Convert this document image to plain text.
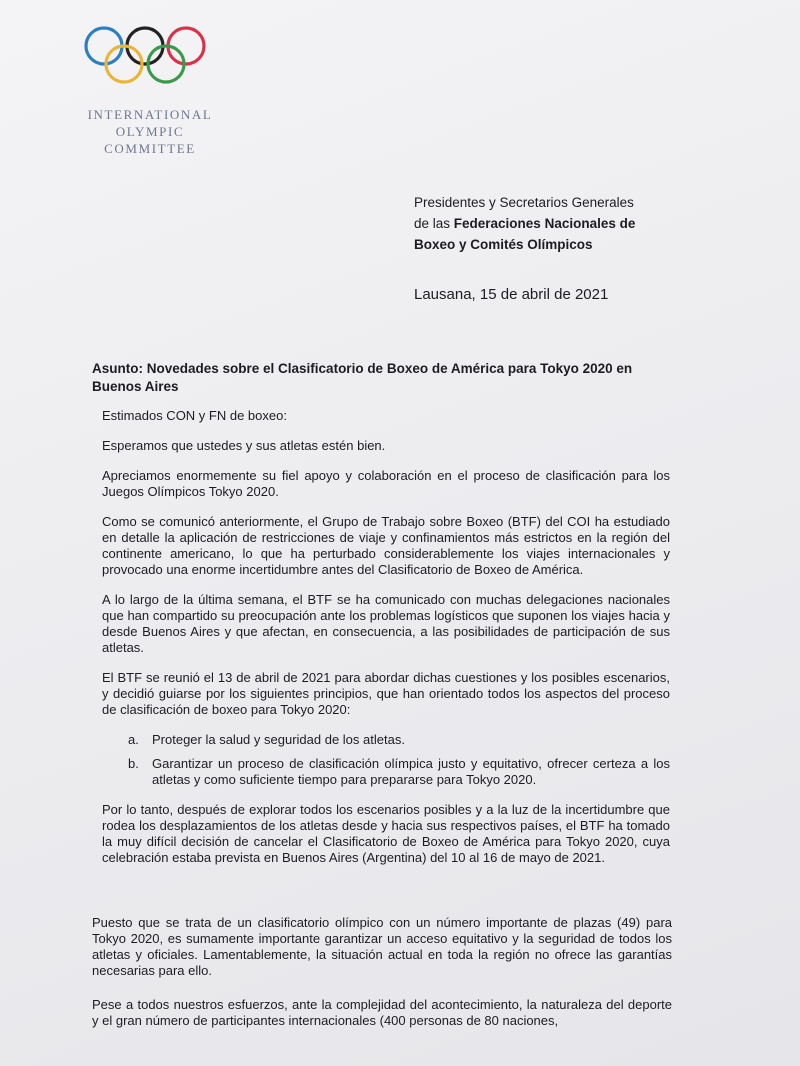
INTERNATIONAL
OLYMPIC
COMMITTEE
Presidentes y Secretarios Generales
de las Federaciones Nacionales de
Boxeo y Comités Olímpicos
Lausana, 15 de abril de 2021
Asunto: Novedades sobre el Clasificatorio de Boxeo de América para Tokyo 2020 en Buenos Aires

Estimados CON y FN de boxeo:

Esperamos que ustedes y sus atletas estén bien.

Apreciamos enormemente su fiel apoyo y colaboración en el proceso de clasificación para los Juegos Olímpicos Tokyo 2020.

Como se comunicó anteriormente, el Grupo de Trabajo sobre Boxeo (BTF) del COI ha estudiado en detalle la aplicación de restricciones de viaje y confinamientos más estrictos en la región del continente americano, lo que ha perturbado considerablemente los viajes internacionales y provocado una enorme incertidumbre antes del Clasificatorio de Boxeo de América.

A lo largo de la última semana, el BTF se ha comunicado con muchas delegaciones nacionales que han compartido su preocupación ante los problemas logísticos que suponen los viajes hacia y desde Buenos Aires y que afectan, en consecuencia, a las posibilidades de participación de sus atletas.

El BTF se reunió el 13 de abril de 2021 para abordar dichas cuestiones y los posibles escenarios, y decidió guiarse por los siguientes principios, que han orientado todos los aspectos del proceso de clasificación de boxeo para Tokyo 2020:

a. Proteger la salud y seguridad de los atletas.
b. Garantizar un proceso de clasificación olímpica justo y equitativo, ofrecer certeza a los atletas y como suficiente tiempo para prepararse para Tokyo 2020.

Por lo tanto, después de explorar todos los escenarios posibles y a la luz de la incertidumbre que rodea los desplazamientos de los atletas desde y hacia sus respectivos países, el BTF ha tomado la muy difícil decisión de cancelar el Clasificatorio de Boxeo de América para Tokyo 2020, cuya celebración estaba prevista en Buenos Aires (Argentina) del 10 al 16 de mayo de 2021.

Puesto que se trata de un clasificatorio olímpico con un número importante de plazas (49) para Tokyo 2020, es sumamente importante garantizar un acceso equitativo y la seguridad de todos los atletas y oficiales. Lamentablemente, la situación actual en toda la región no ofrece las garantías necesarias para ello.

Pese a todos nuestros esfuerzos, ante la complejidad del acontecimiento, la naturaleza del deporte y el gran número de participantes internacionales (400 personas de 80 naciones,
